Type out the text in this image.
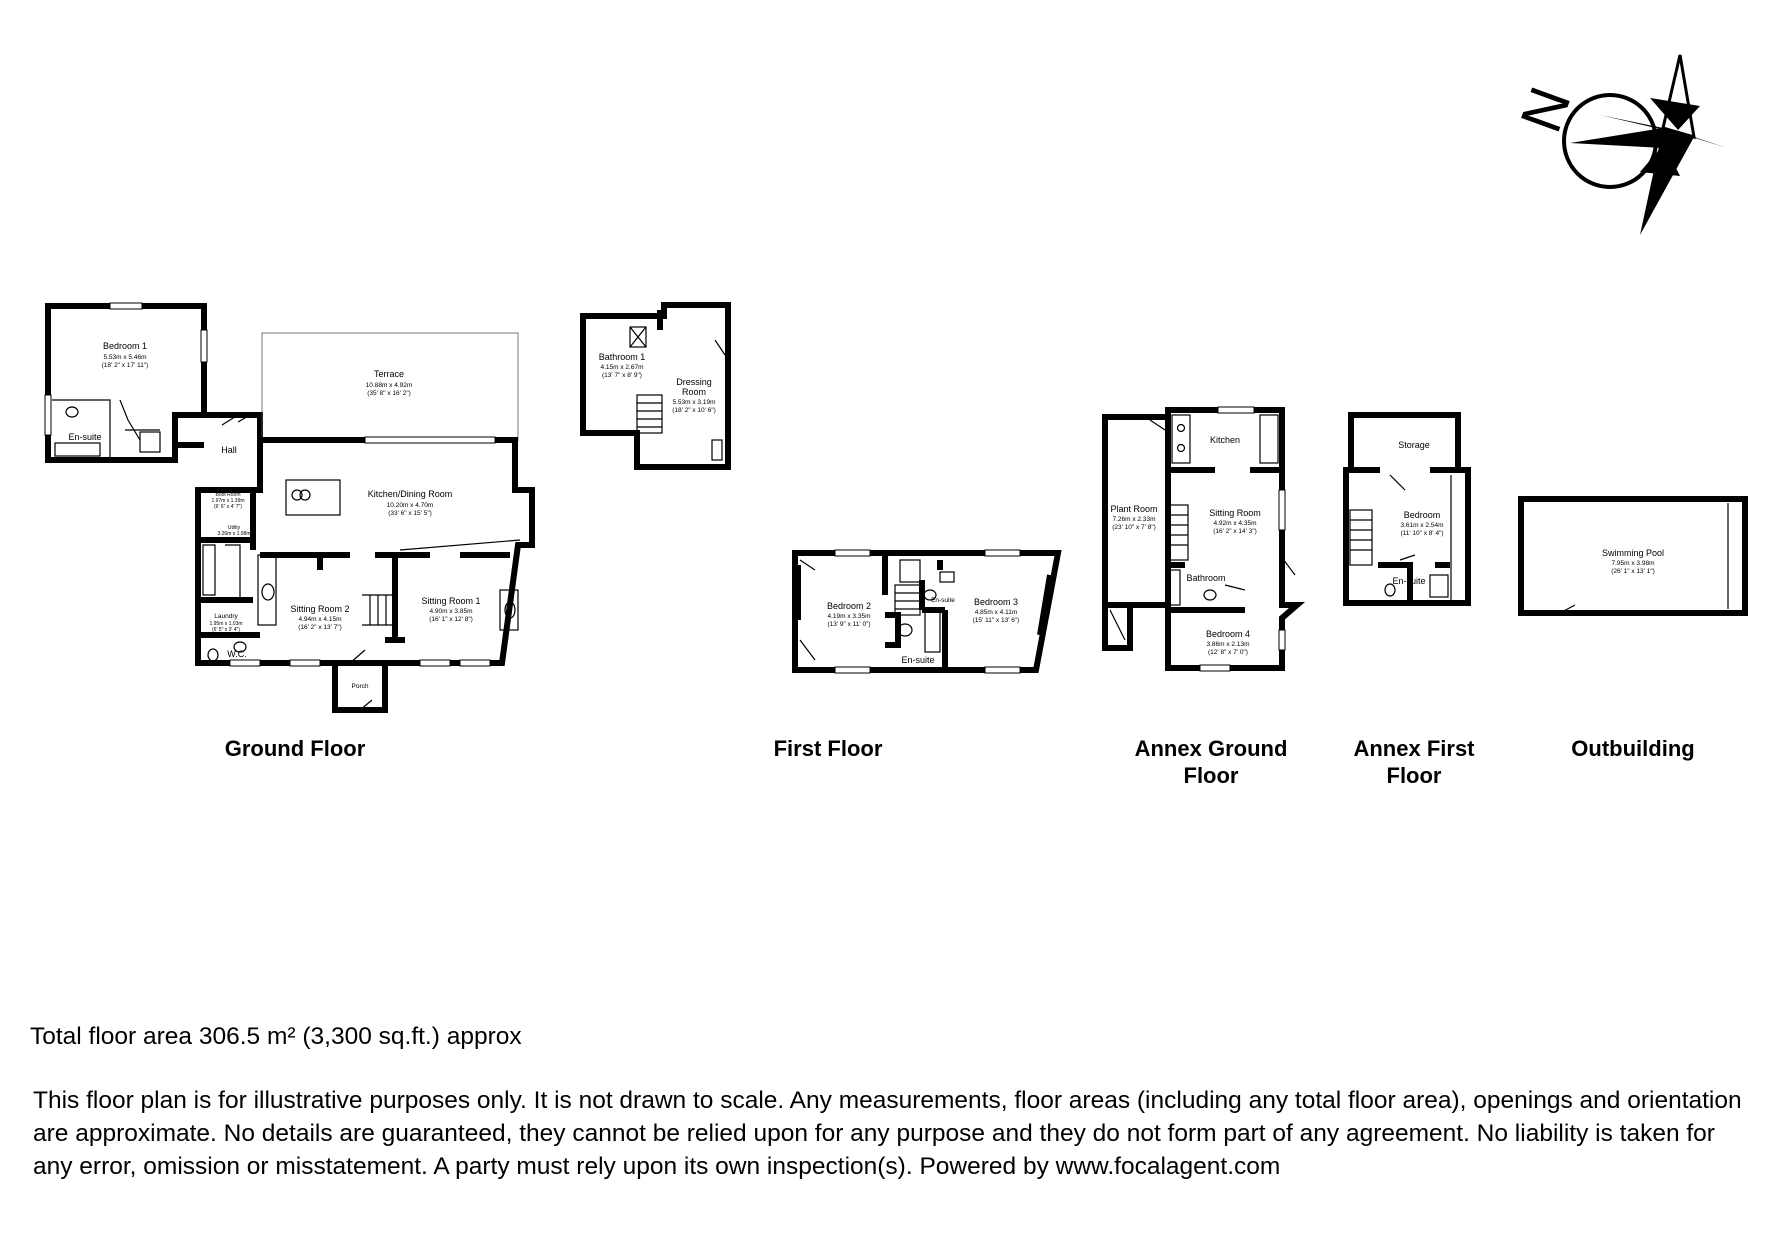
N
Bedroom 1
5.53m x 5.46m
(18' 2" x 17' 11")
En-suite
Hall
Terrace
10.88m x 4.92m
(35' 8" x 16' 2")
Kitchen/Dining Room
10.20m x 4.70m
(33' 6" x 15' 5")
Boot Room
1.97m x 1.39m
(6' 6" x 4' 7")
Utility
3.26m x 1.98m
(10' 7" x 6' 6")
Laundry
1.95m x 1.03m
(6' 5" x 3' 4")
W.C.
Sitting Room 2
4.94m x 4.15m
(16' 2" x 13' 7")
Sitting Room 1
4.90m x 3.85m
(16' 1" x 12' 8")
Porch
Bathroom 1
4.15m x 2.67m
(13' 7" x 8' 9")
Dressing
Room
5.53m x 3.19m
(18' 2" x 10' 6")
Bedroom 2
4.19m x 3.35m
(13' 9" x 11' 0")
Bedroom 3
4.85m x 4.11m
(15' 11" x 13' 6")
En-suite
En-suite
Plant Room
7.26m x 2.33m
(23' 10" x 7' 8")
Kitchen
Sitting Room
4.92m x 4.35m
(16' 2" x 14' 3")
Bathroom
Bedroom 4
3.86m x 2.13m
(12' 8" x 7' 0")
Storage
Bedroom
3.61m x 2.54m
(11' 10" x 8' 4")
En-suite
Swimming Pool
7.95m x 3.98m
(26' 1" x 13' 1")
Ground Floor	First Floor	Annex Ground
Floor
Annex First
Floor
Outbuilding
Total floor area 306.5 m² (3,300 sq.ft.) approx
This floor plan is for illustrative purposes only. It is not drawn to scale. Any measurements, floor areas (including any total floor area), openings and orientation are approximate. No details are guaranteed, they cannot be relied upon for any purpose and they do not form part of any agreement. No liability is taken for any error, omission or misstatement. A party must rely upon its own inspection(s). Powered by www.focalagent.com
